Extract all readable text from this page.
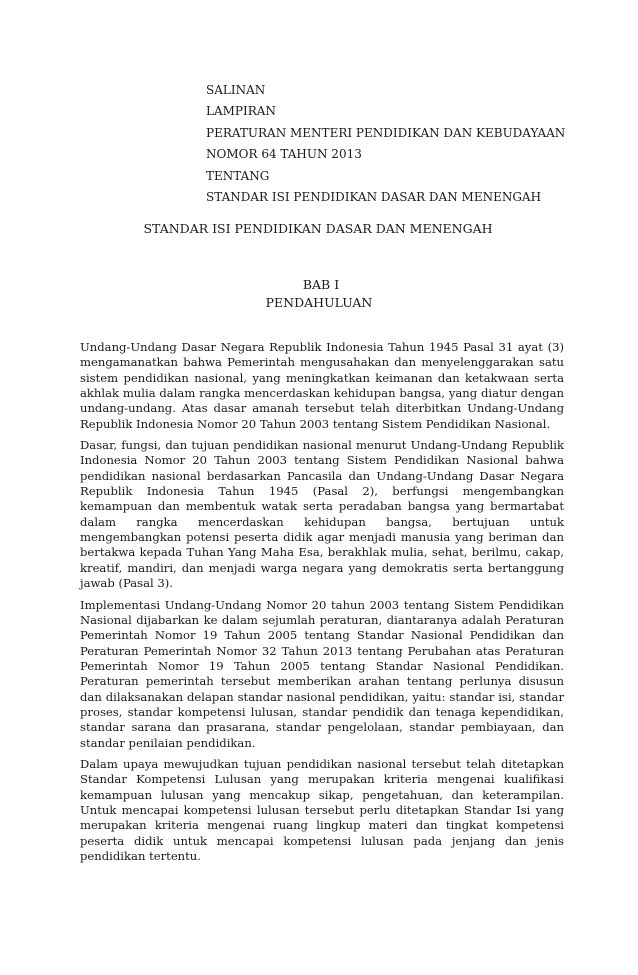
SALINAN
LAMPIRAN
PERATURAN MENTERI PENDIDIKAN DAN KEBUDAYAAN
NOMOR 64 TAHUN 2013
TENTANG
STANDAR ISI PENDIDIKAN DASAR DAN MENENGAH
STANDAR ISI PENDIDIKAN DASAR DAN MENENGAH
BAB I
PENDAHULUAN

Undang-Undang Dasar Negara Republik Indonesia Tahun 1945 Pasal 31 ayat (3) mengamanatkan bahwa Pemerintah mengusahakan dan menyelenggarakan satu sistem pendidikan nasional, yang meningkatkan keimanan dan ketakwaan serta akhlak mulia dalam rangka mencerdaskan kehidupan bangsa, yang diatur dengan undang-undang. Atas dasar amanah tersebut telah diterbitkan Undang-Undang Republik Indonesia Nomor 20 Tahun 2003 tentang Sistem Pendidikan Nasional.

Dasar, fungsi, dan tujuan pendidikan nasional menurut Undang-Undang Republik Indonesia Nomor 20 Tahun 2003 tentang Sistem Pendidikan Nasional bahwa pendidikan nasional berdasarkan Pancasila dan Undang-Undang Dasar Negara Republik Indonesia Tahun 1945 (Pasal 2), berfungsi mengembangkan kemampuan dan membentuk watak serta peradaban bangsa yang bermartabat dalam rangka mencerdaskan kehidupan bangsa, bertujuan untuk mengembangkan potensi peserta didik agar menjadi manusia yang beriman dan bertakwa kepada Tuhan Yang Maha Esa, berakhlak mulia, sehat, berilmu, cakap, kreatif, mandiri, dan menjadi warga negara yang demokratis serta bertanggung jawab (Pasal 3).

Implementasi Undang-Undang Nomor 20 tahun 2003 tentang Sistem Pendidikan Nasional dijabarkan ke dalam sejumlah peraturan, diantaranya adalah Peraturan Pemerintah Nomor 19 Tahun 2005 tentang Standar Nasional Pendidikan dan Peraturan Pemerintah Nomor 32 Tahun 2013 tentang Perubahan atas Peraturan Pemerintah Nomor 19 Tahun 2005 tentang Standar Nasional Pendidikan. Peraturan pemerintah tersebut memberikan arahan tentang perlunya disusun dan dilaksanakan delapan standar nasional pendidikan, yaitu: standar isi, standar proses, standar kompetensi lulusan, standar pendidik dan tenaga kependidikan, standar sarana dan prasarana, standar pengelolaan, standar pembiayaan, dan standar penilaian pendidikan.

Dalam upaya mewujudkan tujuan pendidikan nasional tersebut telah ditetapkan Standar Kompetensi Lulusan yang merupakan kriteria mengenai kualifikasi kemampuan lulusan yang mencakup sikap, pengetahuan, dan keterampilan. Untuk mencapai kompetensi lulusan tersebut perlu ditetapkan Standar Isi yang merupakan kriteria mengenai ruang lingkup materi dan tingkat kompetensi peserta didik untuk mencapai kompetensi lulusan pada jenjang dan jenis pendidikan tertentu.
